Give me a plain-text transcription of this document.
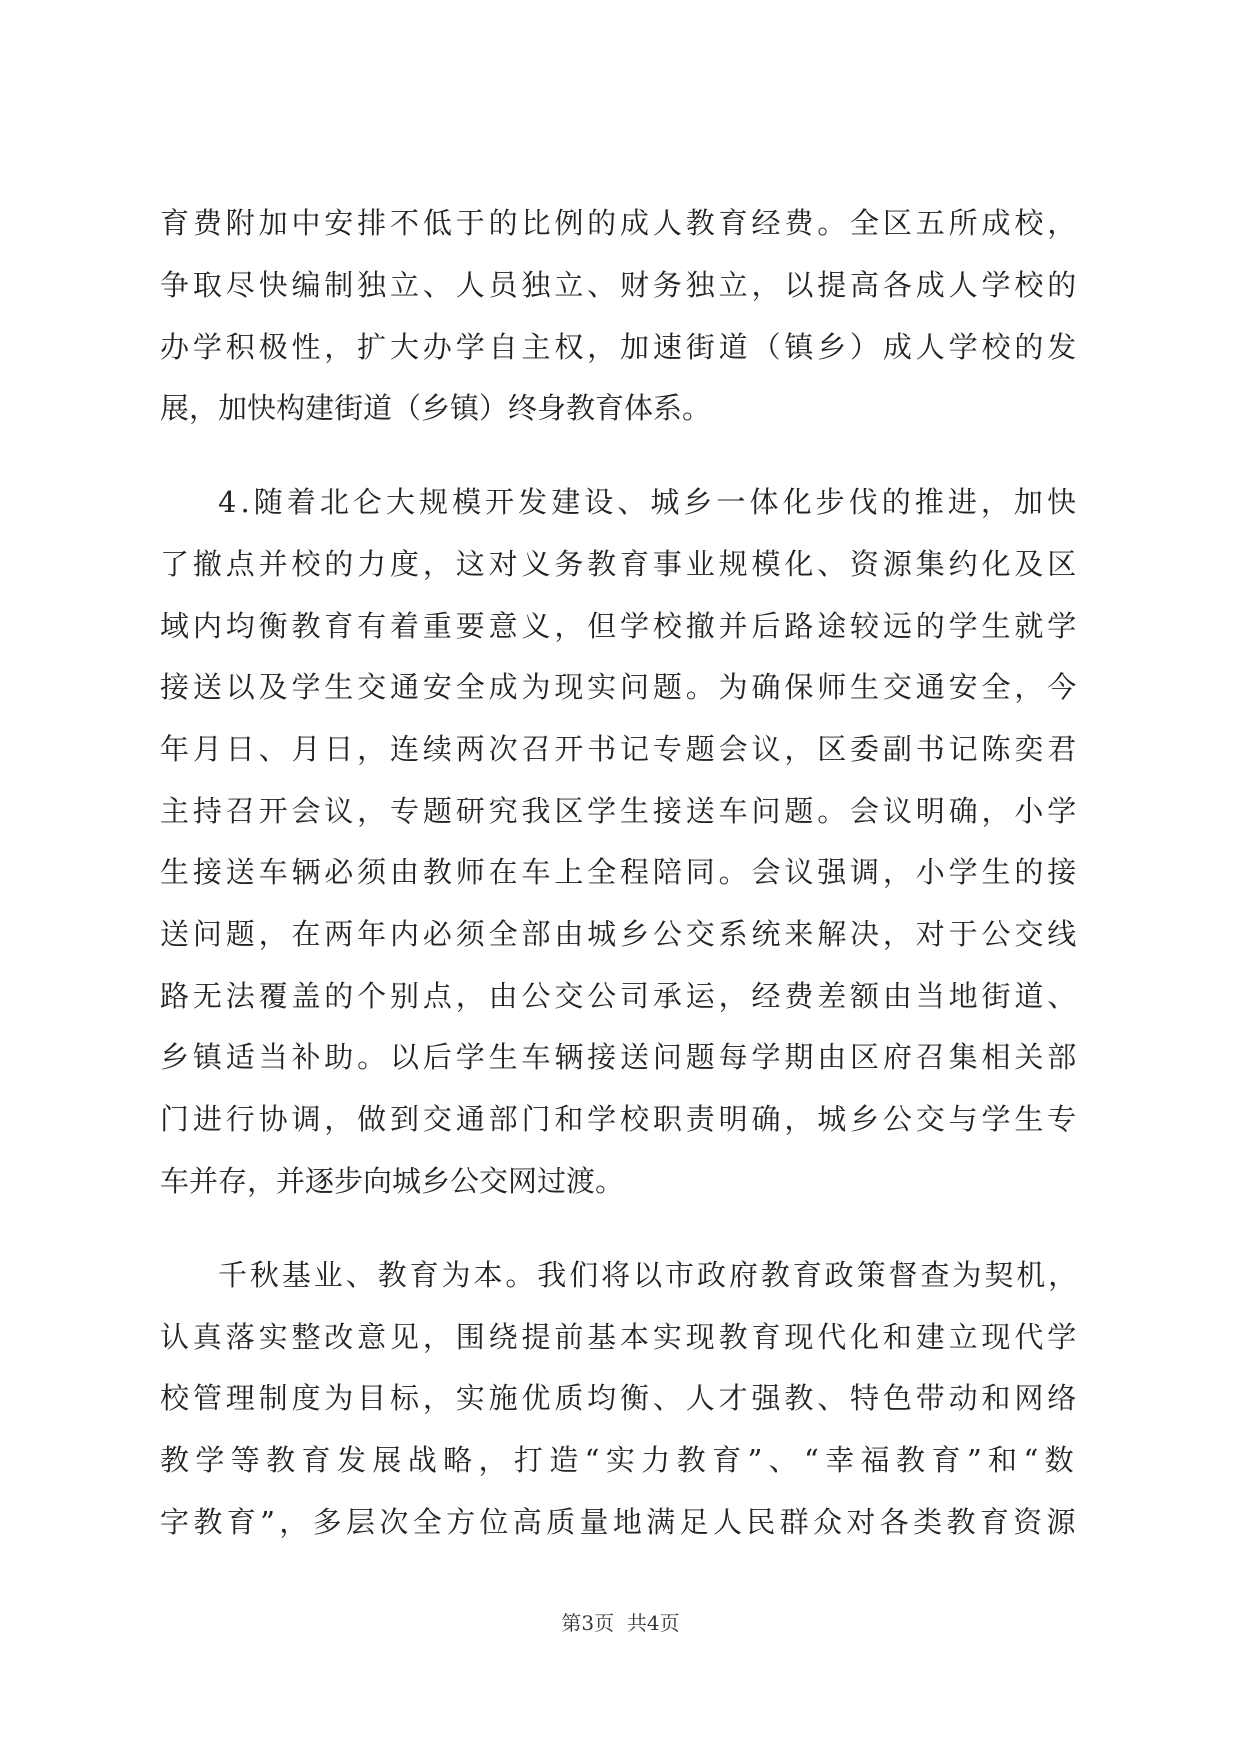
育费附加中安排不低于的比例的成人教育经费。全区五所成校，
争取尽快编制独立、人员独立、财务独立，以提高各成人学校的
办学积极性，扩大办学自主权，加速街道（镇乡）成人学校的发
展，加快构建街道（乡镇）终身教育体系。
4.随着北仑大规模开发建设、城乡一体化步伐的推进，加快
了撤点并校的力度，这对义务教育事业规模化、资源集约化及区
域内均衡教育有着重要意义，但学校撤并后路途较远的学生就学
接送以及学生交通安全成为现实问题。为确保师生交通安全，今
年月日、月日，连续两次召开书记专题会议，区委副书记陈奕君
主持召开会议，专题研究我区学生接送车问题。会议明确，小学
生接送车辆必须由教师在车上全程陪同。会议强调，小学生的接
送问题，在两年内必须全部由城乡公交系统来解决，对于公交线
路无法覆盖的个别点，由公交公司承运，经费差额由当地街道、
乡镇适当补助。以后学生车辆接送问题每学期由区府召集相关部
门进行协调，做到交通部门和学校职责明确，城乡公交与学生专
车并存，并逐步向城乡公交网过渡。
千秋基业、教育为本。我们将以市政府教育政策督查为契机，
认真落实整改意见，围绕提前基本实现教育现代化和建立现代学
校管理制度为目标，实施优质均衡、人才强教、特色带动和网络
教学等教育发展战略，打造“实力教育”、“幸福教育”和“数
字教育”，多层次全方位高质量地满足人民群众对各类教育资源
第3页  共4页
